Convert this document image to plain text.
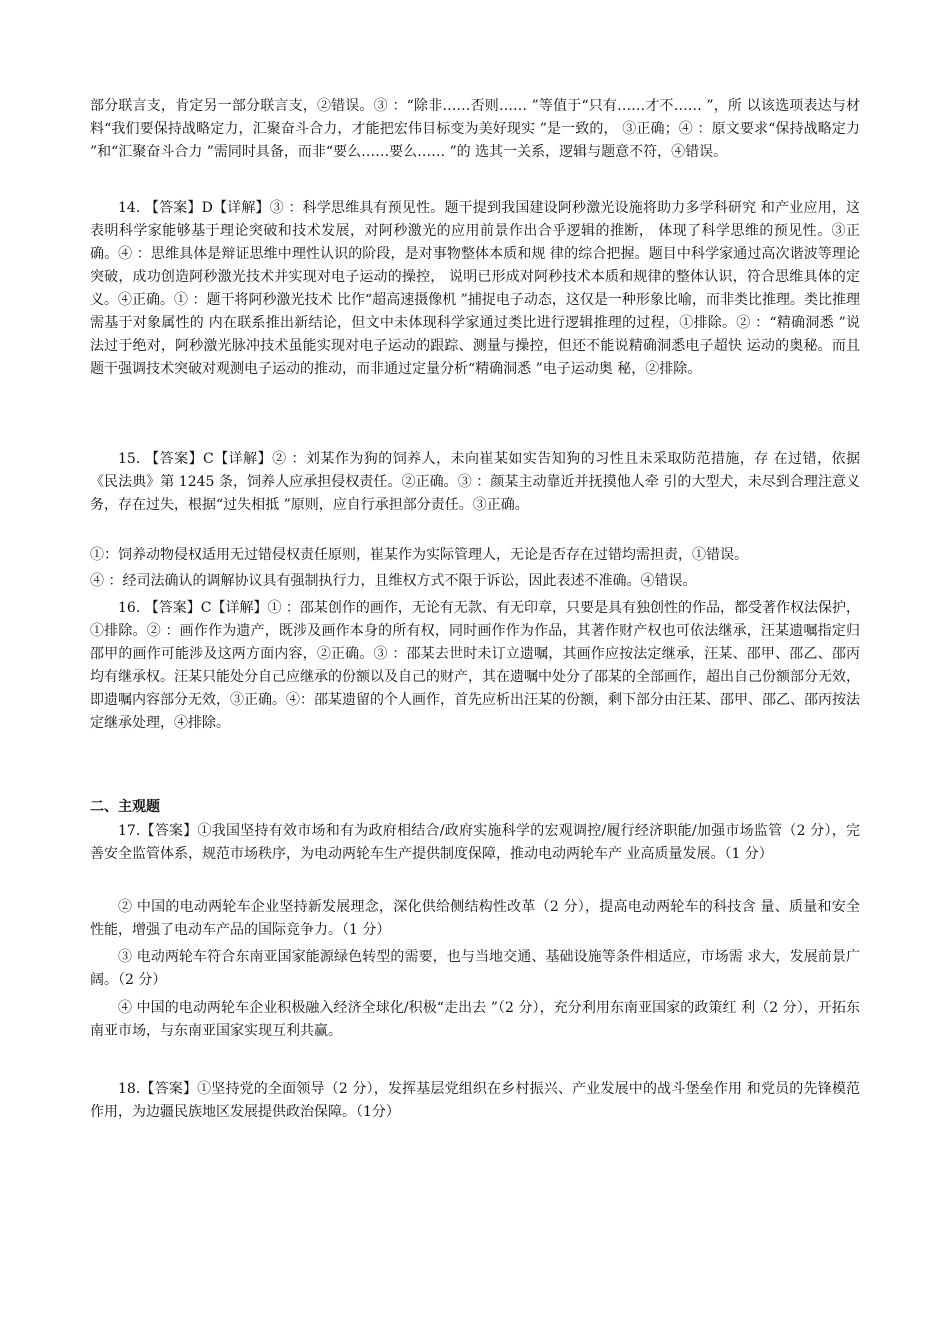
部分联言支，肯定另一部分联言支，②错误。③ ：“除非……否则…… ”等值于“只有……才不…… ”，所 以该选项表达与材料“我们要保持战略定力，汇聚奋斗合力，才能把宏伟目标变为美好现实 ”是一致的， ③正确；④ ：原文要求“保持战略定力 ”和“汇聚奋斗合力 ”需同时具备，而非“要么……要么…… ”的 选其一关系，逻辑与题意不符，④错误。

14. 【答案】D【详解】③ ：科学思维具有预见性。题干提到我国建设阿秒激光设施将助力多学科研究 和产业应用，这表明科学家能够基于理论突破和技术发展，对阿秒激光的应用前景作出合乎逻辑的推断， 体现了科学思维的预见性。③正确。④ ：思维具体是辩证思维中理性认识的阶段，是对事物整体本质和规 律的综合把握。题目中科学家通过高次谐波等理论突破，成功创造阿秒激光技术并实现对电子运动的操控， 说明已形成对阿秒技术本质和规律的整体认识，符合思维具体的定义。④正确。① ：题干将阿秒激光技术 比作“超高速摄像机 ”捕捉电子动态，这仅是一种形象比喻，而非类比推理。类比推理需基于对象属性的 内在联系推出新结论，但文中未体现科学家通过类比进行逻辑推理的过程，①排除。② ：“精确洞悉 ”说 法过于绝对，阿秒激光脉冲技术虽能实现对电子运动的跟踪、测量与操控，但还不能说精确洞悉电子超快 运动的奥秘。而且题干强调技术突破对观测电子运动的推动，而非通过定量分析“精确洞悉 ”电子运动奥 秘，②排除。

15. 【答案】C【详解】② ：刘某作为狗的饲养人，未向崔某如实告知狗的习性且未采取防范措施，存 在过错，依据《民法典》第 1245 条，饲养人应承担侵权责任。②正确。③ ：颜某主动靠近并抚摸他人牵 引的大型犬，未尽到合理注意义务，存在过失，根据“过失相抵 ”原则，应自行承担部分责任。③正确。

①：饲养动物侵权适用无过错侵权责任原则，崔某作为实际管理人，无论是否存在过错均需担责，①错误。

④ ：经司法确认的调解协议具有强制执行力，且维权方式不限于诉讼，因此表述不准确。④错误。

16. 【答案】C【详解】① ：邵某创作的画作，无论有无款、有无印章，只要是具有独创性的作品，都受著作权法保护，①排除。② ：画作作为遗产，既涉及画作本身的所有权，同时画作作为作品，其著作财产权也可依法继承，汪某遗嘱指定归邵甲的画作可能涉及这两方面内容，②正确。③ ：邵某去世时未订立遗嘱，其画作应按法定继承，汪某、邵甲、邵乙、邵丙均有继承权。汪某只能处分自己应继承的份额以及自己的财产，其在遗嘱中处分了邵某的全部画作，超出自己份额部分无效，即遗嘱内容部分无效，③正确。④：邵某遗留的个人画作，首先应析出汪某的份额，剩下部分由汪某、邵甲、邵乙、邵丙按法定继承处理，④排除。

二、主观题

17.【答案】①我国坚持有效市场和有为政府相结合/政府实施科学的宏观调控/履行经济职能/加强市场监管（2 分），完善安全监管体系，规范市场秩序，为电动两轮车生产提供制度保障，推动电动两轮车产 业高质量发展。（1 分）

② 中国的电动两轮车企业坚持新发展理念，深化供给侧结构性改革（2 分），提高电动两轮车的科技含 量、质量和安全性能，增强了电动车产品的国际竞争力。（1 分）

③ 电动两轮车符合东南亚国家能源绿色转型的需要，也与当地交通、基础设施等条件相适应，市场需 求大，发展前景广阔。（2 分）

④ 中国的电动两轮车企业积极融入经济全球化/积极“走出去 ”（2 分），充分利用东南亚国家的政策红 利（2 分），开拓东南亚市场，与东南亚国家实现互利共赢。

18.【答案】①坚持党的全面领导（2 分），发挥基层党组织在乡村振兴、产业发展中的战斗堡垒作用 和党员的先锋模范作用，为边疆民族地区发展提供政治保障。（1分）
